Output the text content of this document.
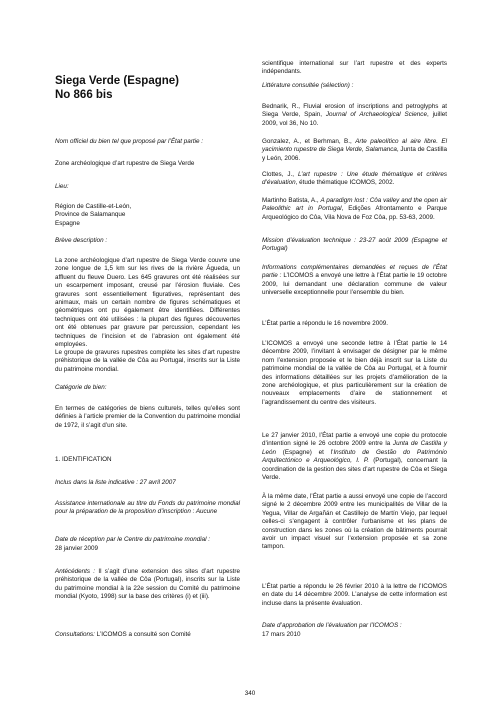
Siega Verde (Espagne)
No 866 bis

Nom officiel du bien tel que proposé par l’État partie :

Zone archéologique d’art rupestre de Siega Verde

Lieu:

Région de Castille-et-León,
Province de Salamanque
Espagne

Brève description :

La zone archéologique d’art rupestre de Siega Verde couvre une zone longue de 1,5 km sur les rives de la rivière Águeda, un affluent du fleuve Duero. Les 645 gravures ont été réalisées sur un escarpement imposant, creusé par l’érosion fluviale. Ces gravures sont essentiellement figuratives, représentant des animaux, mais un certain nombre de figures schématiques et géométriques ont pu également être identifiées. Différentes techniques ont été utilisées : la plupart des figures découvertes ont été obtenues par gravure par percussion, cependant les techniques de l’incision et de l’abrasion ont également été employées.

Le groupe de gravures rupestres complète les sites d’art rupestre préhistorique de la vallée de Côa au Portugal, inscrits sur la Liste du patrimoine mondial.

Catégorie de bien:

En termes de catégories de biens culturels, telles qu’elles sont définies à l’article premier de la Convention du patrimoine mondial de 1972, il s’agit d’un site.

1. IDENTIFICATION

Inclus dans la liste indicative : 27 avril 2007

Assistance internationale au titre du Fonds du patrimoine mondial pour la préparation de la proposition d’inscription : Aucune

Date de réception par le Centre du patrimoine mondial :

28 janvier 2009

Antécédents : Il s’agit d’une extension des sites d’art rupestre préhistorique de la vallée de Côa (Portugal), inscrits sur la Liste du patrimoine mondial à la 22e session du Comité du patrimoine mondial (Kyoto, 1998) sur la base des critères (i) et (iii).

Consultations: L’ICOMOS a consulté son Comité

scientifique international sur l’art rupestre et des experts indépendants.

Littérature consultée (sélection) :

Bednarik, R., Fluvial erosion of inscriptions and petroglyphs at Siega Verde, Spain, Journal of Archaeological Science, juillet 2009, vol 36, No 10.

Gonzalez, A., et Berhman, B., Arte paleolítico al aire libre. El yacimiento rupestre de Siega Verde, Salamanca, Junta de Castilla y León, 2006.

Clottes, J., L’art rupestre : Une étude thématique et critères d’évaluation, étude thématique ICOMOS, 2002.

Martinho Batista, A., A paradigm lost : Côa valley and the open air Paleolithic art in Portugal, Edições Afrontamento e Parque Arqueológico do Côa, Vila Nova de Foz Côa, pp. 53-63, 2009.

Mission d’évaluation technique : 23-27 août 2009 (Espagne et Portugal)

Informations complémentaires demandées et reçues de l’État partie : L’ICOMOS a envoyé une lettre à l’État partie le 19 octobre 2009, lui demandant une déclaration commune de valeur universelle exceptionnelle pour l’ensemble du bien.

L’État partie a répondu le 16 novembre 2009.

L’ICOMOS a envoyé une seconde lettre à l’État partie le 14 décembre 2009, l’invitant à envisager de désigner par le même nom l’extension proposée et le bien déjà inscrit sur la Liste du patrimoine mondial de la vallée de Côa au Portugal, et à fournir des informations détaillées sur les projets d’amélioration de la zone archéologique, et plus particulièrement sur la création de nouveaux emplacements d’aire de stationnement et l’agrandissement du centre des visiteurs.

Le 27 janvier 2010, l’État partie a envoyé une copie du protocole d’intention signé le 26 octobre 2009 entre la Junta de Castilla y León (Espagne) et l’Instituto de Gestão do Património Arquitectónico e Arqueológico, I. P. (Portugal), concernant la coordination de la gestion des sites d’art rupestre de Côa et Siega Verde.

À la même date, l’État partie a aussi envoyé une copie de l’accord signé le 2 décembre 2009 entre les municipalités de Villar de la Yegua, Villar de Argañán et Castillejo de Martín Viejo, par lequel celles-ci s’engagent à contrôler l’urbanisme et les plans de construction dans les zones où la création de bâtiments pourrait avoir un impact visuel sur l’extension proposée et sa zone tampon.

L’État partie a répondu le 26 février 2010 à la lettre de l’ICOMOS en date du 14 décembre 2009. L’analyse de cette information est incluse dans la présente évaluation.

Date d’approbation de l’évaluation par l’ICOMOS :

17 mars 2010

340
